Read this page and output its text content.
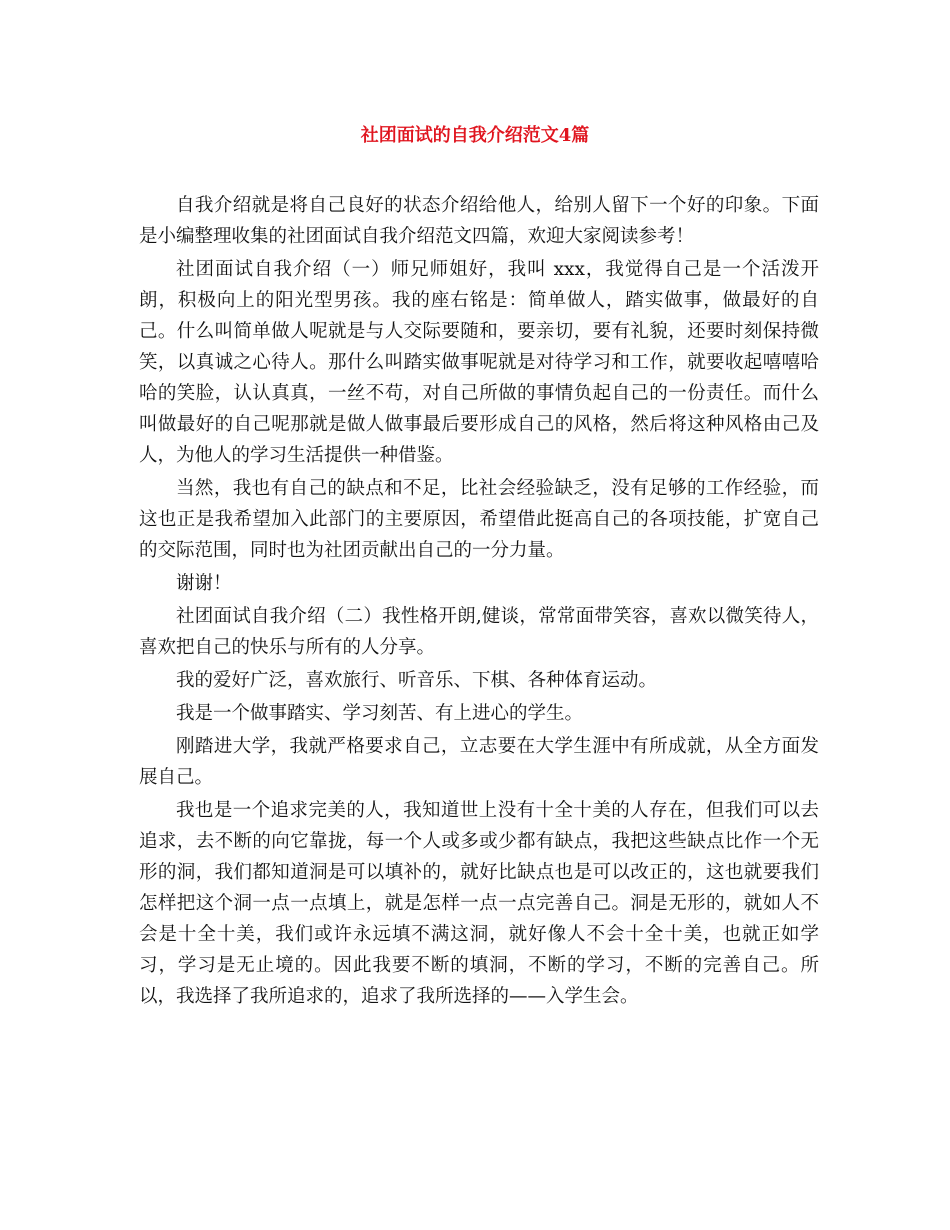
社团面试的自我介绍范文4篇

自我介绍就是将自己良好的状态介绍给他人，给别人留下一个好的印象。下面是小编整理收集的社团面试自我介绍范文四篇，欢迎大家阅读参考！

社团面试自我介绍（一）师兄师姐好，我叫 xxx，我觉得自己是一个活泼开朗，积极向上的阳光型男孩。我的座右铭是：简单做人，踏实做事，做最好的自己。什么叫简单做人呢就是与人交际要随和，要亲切，要有礼貌，还要时刻保持微笑，以真诚之心待人。那什么叫踏实做事呢就是对待学习和工作，就要收起嘻嘻哈哈的笑脸，认认真真，一丝不苟，对自己所做的事情负起自己的一份责任。而什么叫做最好的自己呢那就是做人做事最后要形成自己的风格，然后将这种风格由己及人，为他人的学习生活提供一种借鉴。

当然，我也有自己的缺点和不足，比社会经验缺乏，没有足够的工作经验，而这也正是我希望加入此部门的主要原因，希望借此挺高自己的各项技能，扩宽自己的交际范围，同时也为社团贡献出自己的一分力量。

谢谢！

社团面试自我介绍（二）我性格开朗,健谈，常常面带笑容，喜欢以微笑待人，喜欢把自己的快乐与所有的人分享。

我的爱好广泛，喜欢旅行、听音乐、下棋、各种体育运动。

我是一个做事踏实、学习刻苦、有上进心的学生。

刚踏进大学，我就严格要求自己，立志要在大学生涯中有所成就，从全方面发展自己。

我也是一个追求完美的人，我知道世上没有十全十美的人存在，但我们可以去追求，去不断的向它靠拢，每一个人或多或少都有缺点，我把这些缺点比作一个无形的洞，我们都知道洞是可以填补的，就好比缺点也是可以改正的，这也就要我们怎样把这个洞一点一点填上，就是怎样一点一点完善自己。洞是无形的，就如人不会是十全十美，我们或许永远填不满这洞，就好像人不会十全十美，也就正如学习，学习是无止境的。因此我要不断的填洞，不断的学习，不断的完善自己。所以，我选择了我所追求的，追求了我所选择的——入学生会。
